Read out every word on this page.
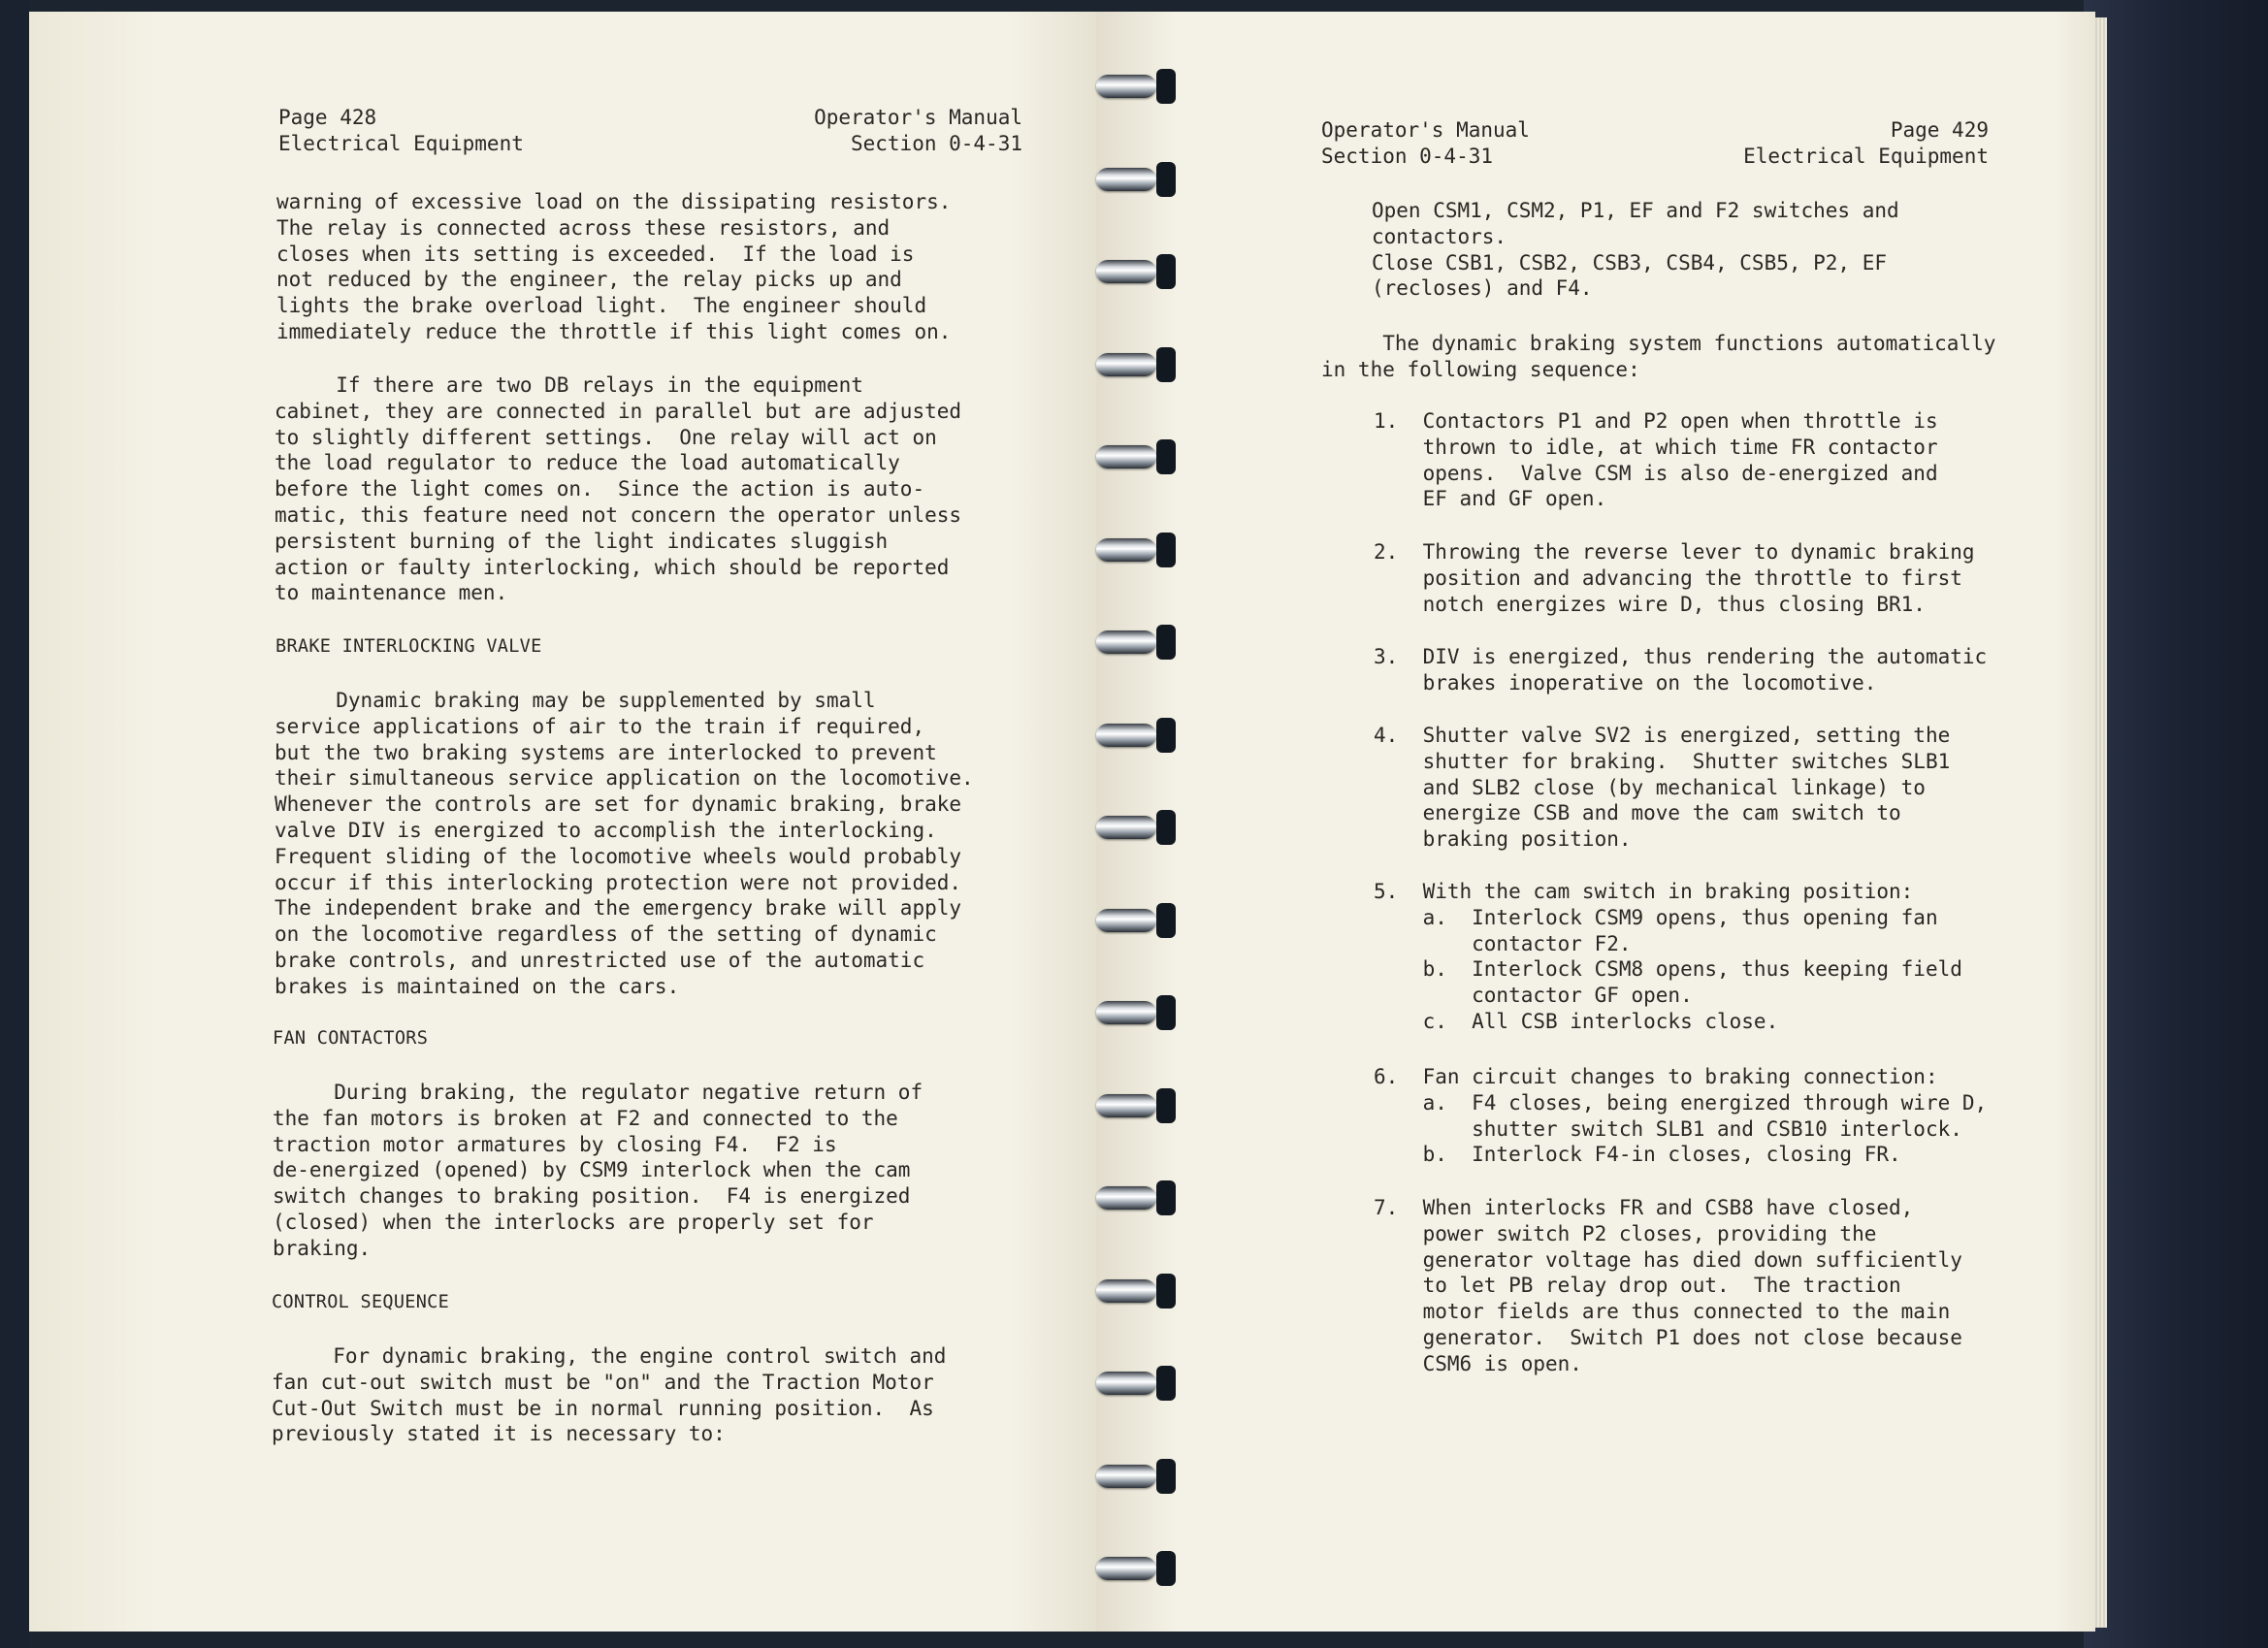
Page 428
Electrical Equipment
Operator's Manual
Section 0-4-31
warning of excessive load on the dissipating resistors.
The relay is connected across these resistors, and
closes when its setting is exceeded.  If the load is
not reduced by the engineer, the relay picks up and
lights the brake overload light.  The engineer should
immediately reduce the throttle if this light comes on.
If there are two DB relays in the equipment
cabinet, they are connected in parallel but are adjusted
to slightly different settings.  One relay will act on
the load regulator to reduce the load automatically
before the light comes on.  Since the action is auto-
matic, this feature need not concern the operator unless
persistent burning of the light indicates sluggish
action or faulty interlocking, which should be reported
to maintenance men.
BRAKE INTERLOCKING VALVE
Dynamic braking may be supplemented by small
service applications of air to the train if required,
but the two braking systems are interlocked to prevent
their simultaneous service application on the locomotive.
Whenever the controls are set for dynamic braking, brake
valve DIV is energized to accomplish the interlocking.
Frequent sliding of the locomotive wheels would probably
occur if this interlocking protection were not provided.
The independent brake and the emergency brake will apply
on the locomotive regardless of the setting of dynamic
brake controls, and unrestricted use of the automatic
brakes is maintained on the cars.
FAN CONTACTORS
During braking, the regulator negative return of
the fan motors is broken at F2 and connected to the
traction motor armatures by closing F4.  F2 is
de-energized (opened) by CSM9 interlock when the cam
switch changes to braking position.  F4 is energized
(closed) when the interlocks are properly set for
braking.
CONTROL SEQUENCE
For dynamic braking, the engine control switch and
fan cut-out switch must be "on" and the Traction Motor
Cut-Out Switch must be in normal running position.  As
previously stated it is necessary to:
Operator's Manual
Section 0-4-31
Page 429
Electrical Equipment
Open CSM1, CSM2, P1, EF and F2 switches and
contactors.
Close CSB1, CSB2, CSB3, CSB4, CSB5, P2, EF
(recloses) and F4.
The dynamic braking system functions automatically
in the following sequence:
1.  Contactors P1 and P2 open when throttle is
thrown to idle, at which time FR contactor
opens.  Valve CSM is also de-energized and
EF and GF open.
2.  Throwing the reverse lever to dynamic braking
position and advancing the throttle to first
notch energizes wire D, thus closing BR1.
3.  DIV is energized, thus rendering the automatic
brakes inoperative on the locomotive.
4.  Shutter valve SV2 is energized, setting the
shutter for braking.  Shutter switches SLB1
and SLB2 close (by mechanical linkage) to
energize CSB and move the cam switch to
braking position.
5.  With the cam switch in braking position:
a.  Interlock CSM9 opens, thus opening fan
contactor F2.
b.  Interlock CSM8 opens, thus keeping field
contactor GF open.
c.  All CSB interlocks close.
6.  Fan circuit changes to braking connection:
a.  F4 closes, being energized through wire D,
shutter switch SLB1 and CSB10 interlock.
b.  Interlock F4-in closes, closing FR.
7.  When interlocks FR and CSB8 have closed,
power switch P2 closes, providing the
generator voltage has died down sufficiently
to let PB relay drop out.  The traction
motor fields are thus connected to the main
generator.  Switch P1 does not close because
CSM6 is open.
